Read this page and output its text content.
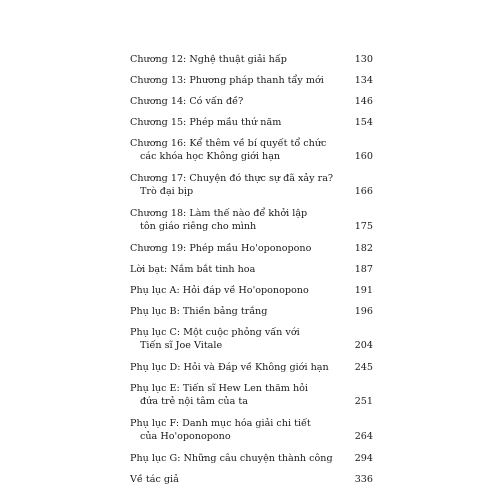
Chương 12: Nghệ thuật giải hấp	130
Chương 13: Phương pháp thanh tẩy mới	134
Chương 14: Có vấn đề?	146
Chương 15: Phép mầu thứ năm	154
Chương 16: Kể thêm về bí quyết tổ chức
các khóa học Không giới hạn	160
Chương 17: Chuyện đó thực sự đã xảy ra?
Trò đại bịp	166
Chương 18: Làm thế nào để khởi lập
tôn giáo riêng cho mình	175
Chương 19: Phép mầu Ho'oponopono	182
Lời bạt: Nắm bắt tinh hoa	187
Phụ lục A: Hỏi đáp về Ho'oponopono	191
Phụ lục B: Thiền bảng trắng	196
Phụ lục C: Một cuộc phỏng vấn với
Tiến sĩ Joe Vitale	204
Phụ lục D: Hỏi và Đáp về Không giới hạn	245
Phụ lục E: Tiến sĩ Hew Len thăm hỏi
đứa trẻ nội tâm của ta	251
Phụ lục F: Danh mục hóa giải chi tiết
của Ho'oponopono	264
Phụ lục G: Những câu chuyện thành công	294
Về tác giả	336
